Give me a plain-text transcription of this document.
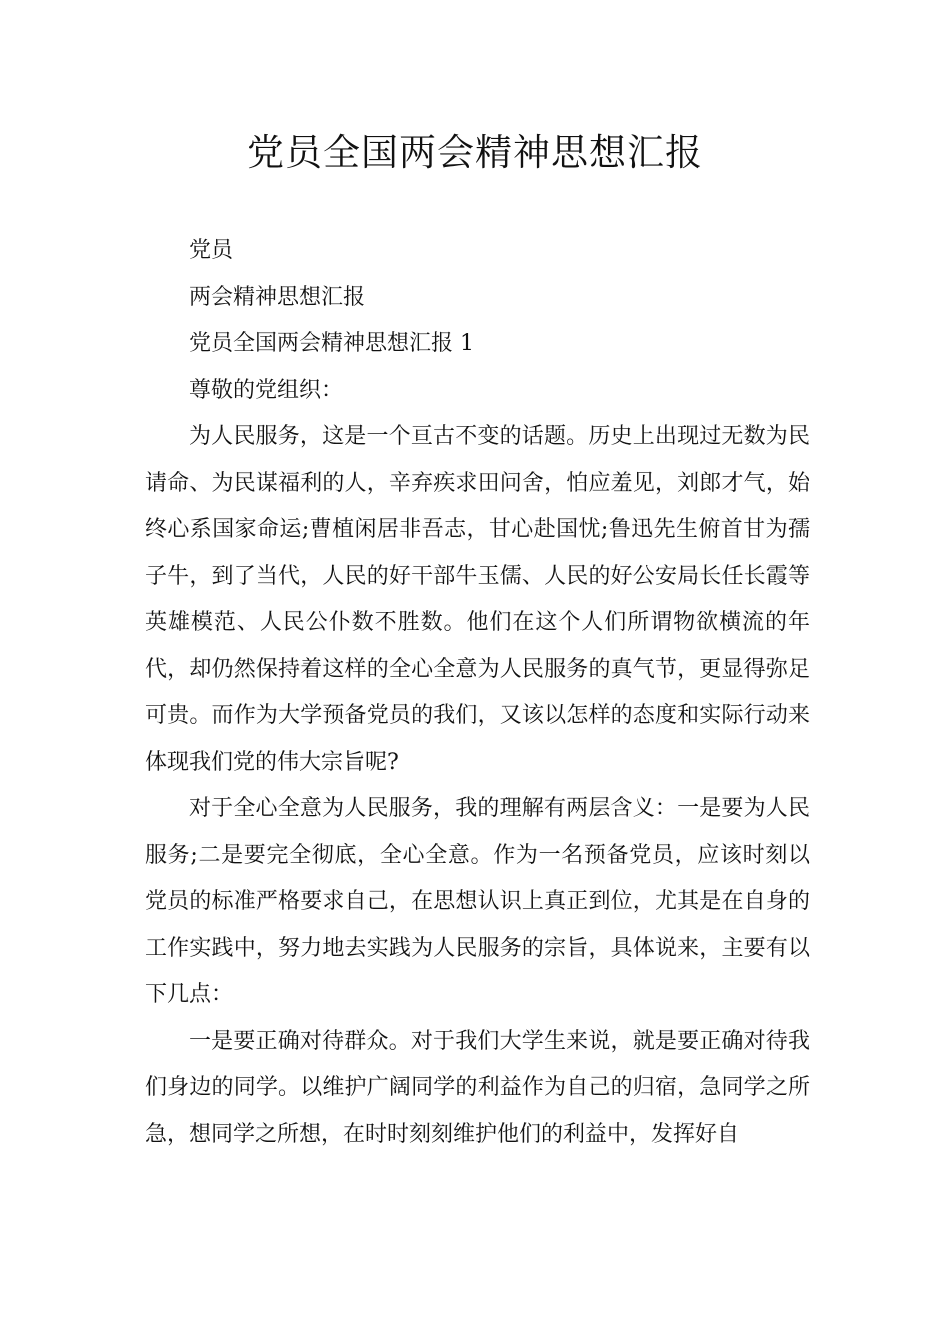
党员全国两会精神思想汇报

党员

两会精神思想汇报

党员全国两会精神思想汇报 1

尊敬的党组织：

为人民服务，这是一个亘古不变的话题。历史上出现过无数为民请命、为民谋福利的人，辛弃疾求田问舍，怕应羞见，刘郎才气，始终心系国家命运;曹植闲居非吾志，甘心赴国忧;鲁迅先生俯首甘为孺子牛，到了当代，人民的好干部牛玉儒、人民的好公安局长任长霞等英雄模范、人民公仆数不胜数。他们在这个人们所谓物欲横流的年代，却仍然保持着这样的全心全意为人民服务的真气节，更显得弥足可贵。而作为大学预备党员的我们，又该以怎样的态度和实际行动来体现我们党的伟大宗旨呢?

对于全心全意为人民服务，我的理解有两层含义：一是要为人民服务;二是要完全彻底，全心全意。作为一名预备党员，应该时刻以党员的标准严格要求自己，在思想认识上真正到位，尤其是在自身的工作实践中，努力地去实践为人民服务的宗旨，具体说来，主要有以下几点：

一是要正确对待群众。对于我们大学生来说，就是要正确对待我们身边的同学。以维护广阔同学的利益作为自己的归宿，急同学之所急，想同学之所想，在时时刻刻维护他们的利益中，发挥好自
